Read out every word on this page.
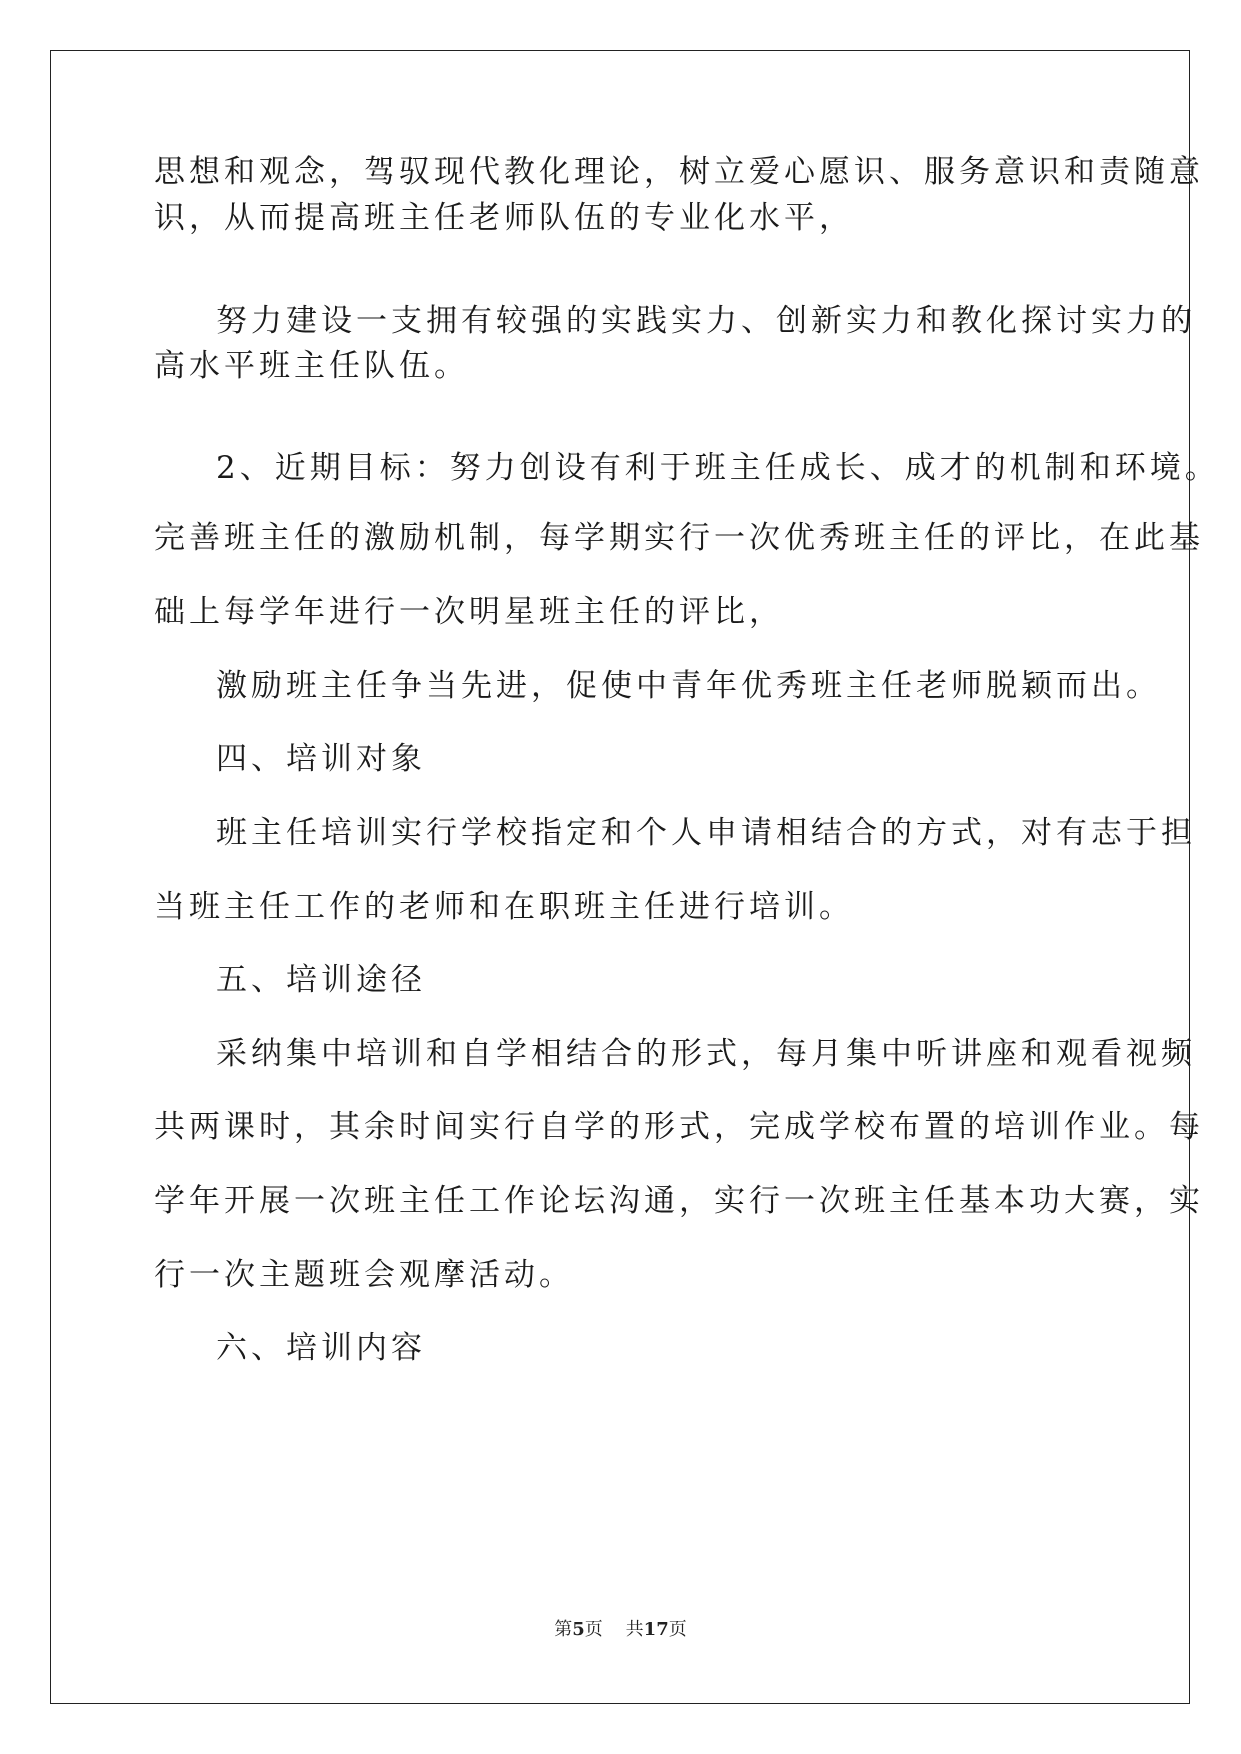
思想和观念，驾驭现代教化理论，树立爱心愿识、服务意识和责随意
识，从而提高班主任老师队伍的专业化水平，
努力建设一支拥有较强的实践实力、创新实力和教化探讨实力的
高水平班主任队伍。
2、近期目标：努力创设有利于班主任成长、成才的机制和环境。
完善班主任的激励机制，每学期实行一次优秀班主任的评比，在此基
础上每学年进行一次明星班主任的评比，
激励班主任争当先进，促使中青年优秀班主任老师脱颖而出。
四、培训对象
班主任培训实行学校指定和个人申请相结合的方式，对有志于担
当班主任工作的老师和在职班主任进行培训。
五、培训途径
采纳集中培训和自学相结合的形式，每月集中听讲座和观看视频
共两课时，其余时间实行自学的形式，完成学校布置的培训作业。每
学年开展一次班主任工作论坛沟通，实行一次班主任基本功大赛，实
行一次主题班会观摩活动。
六、培训内容
第5页 共17页
